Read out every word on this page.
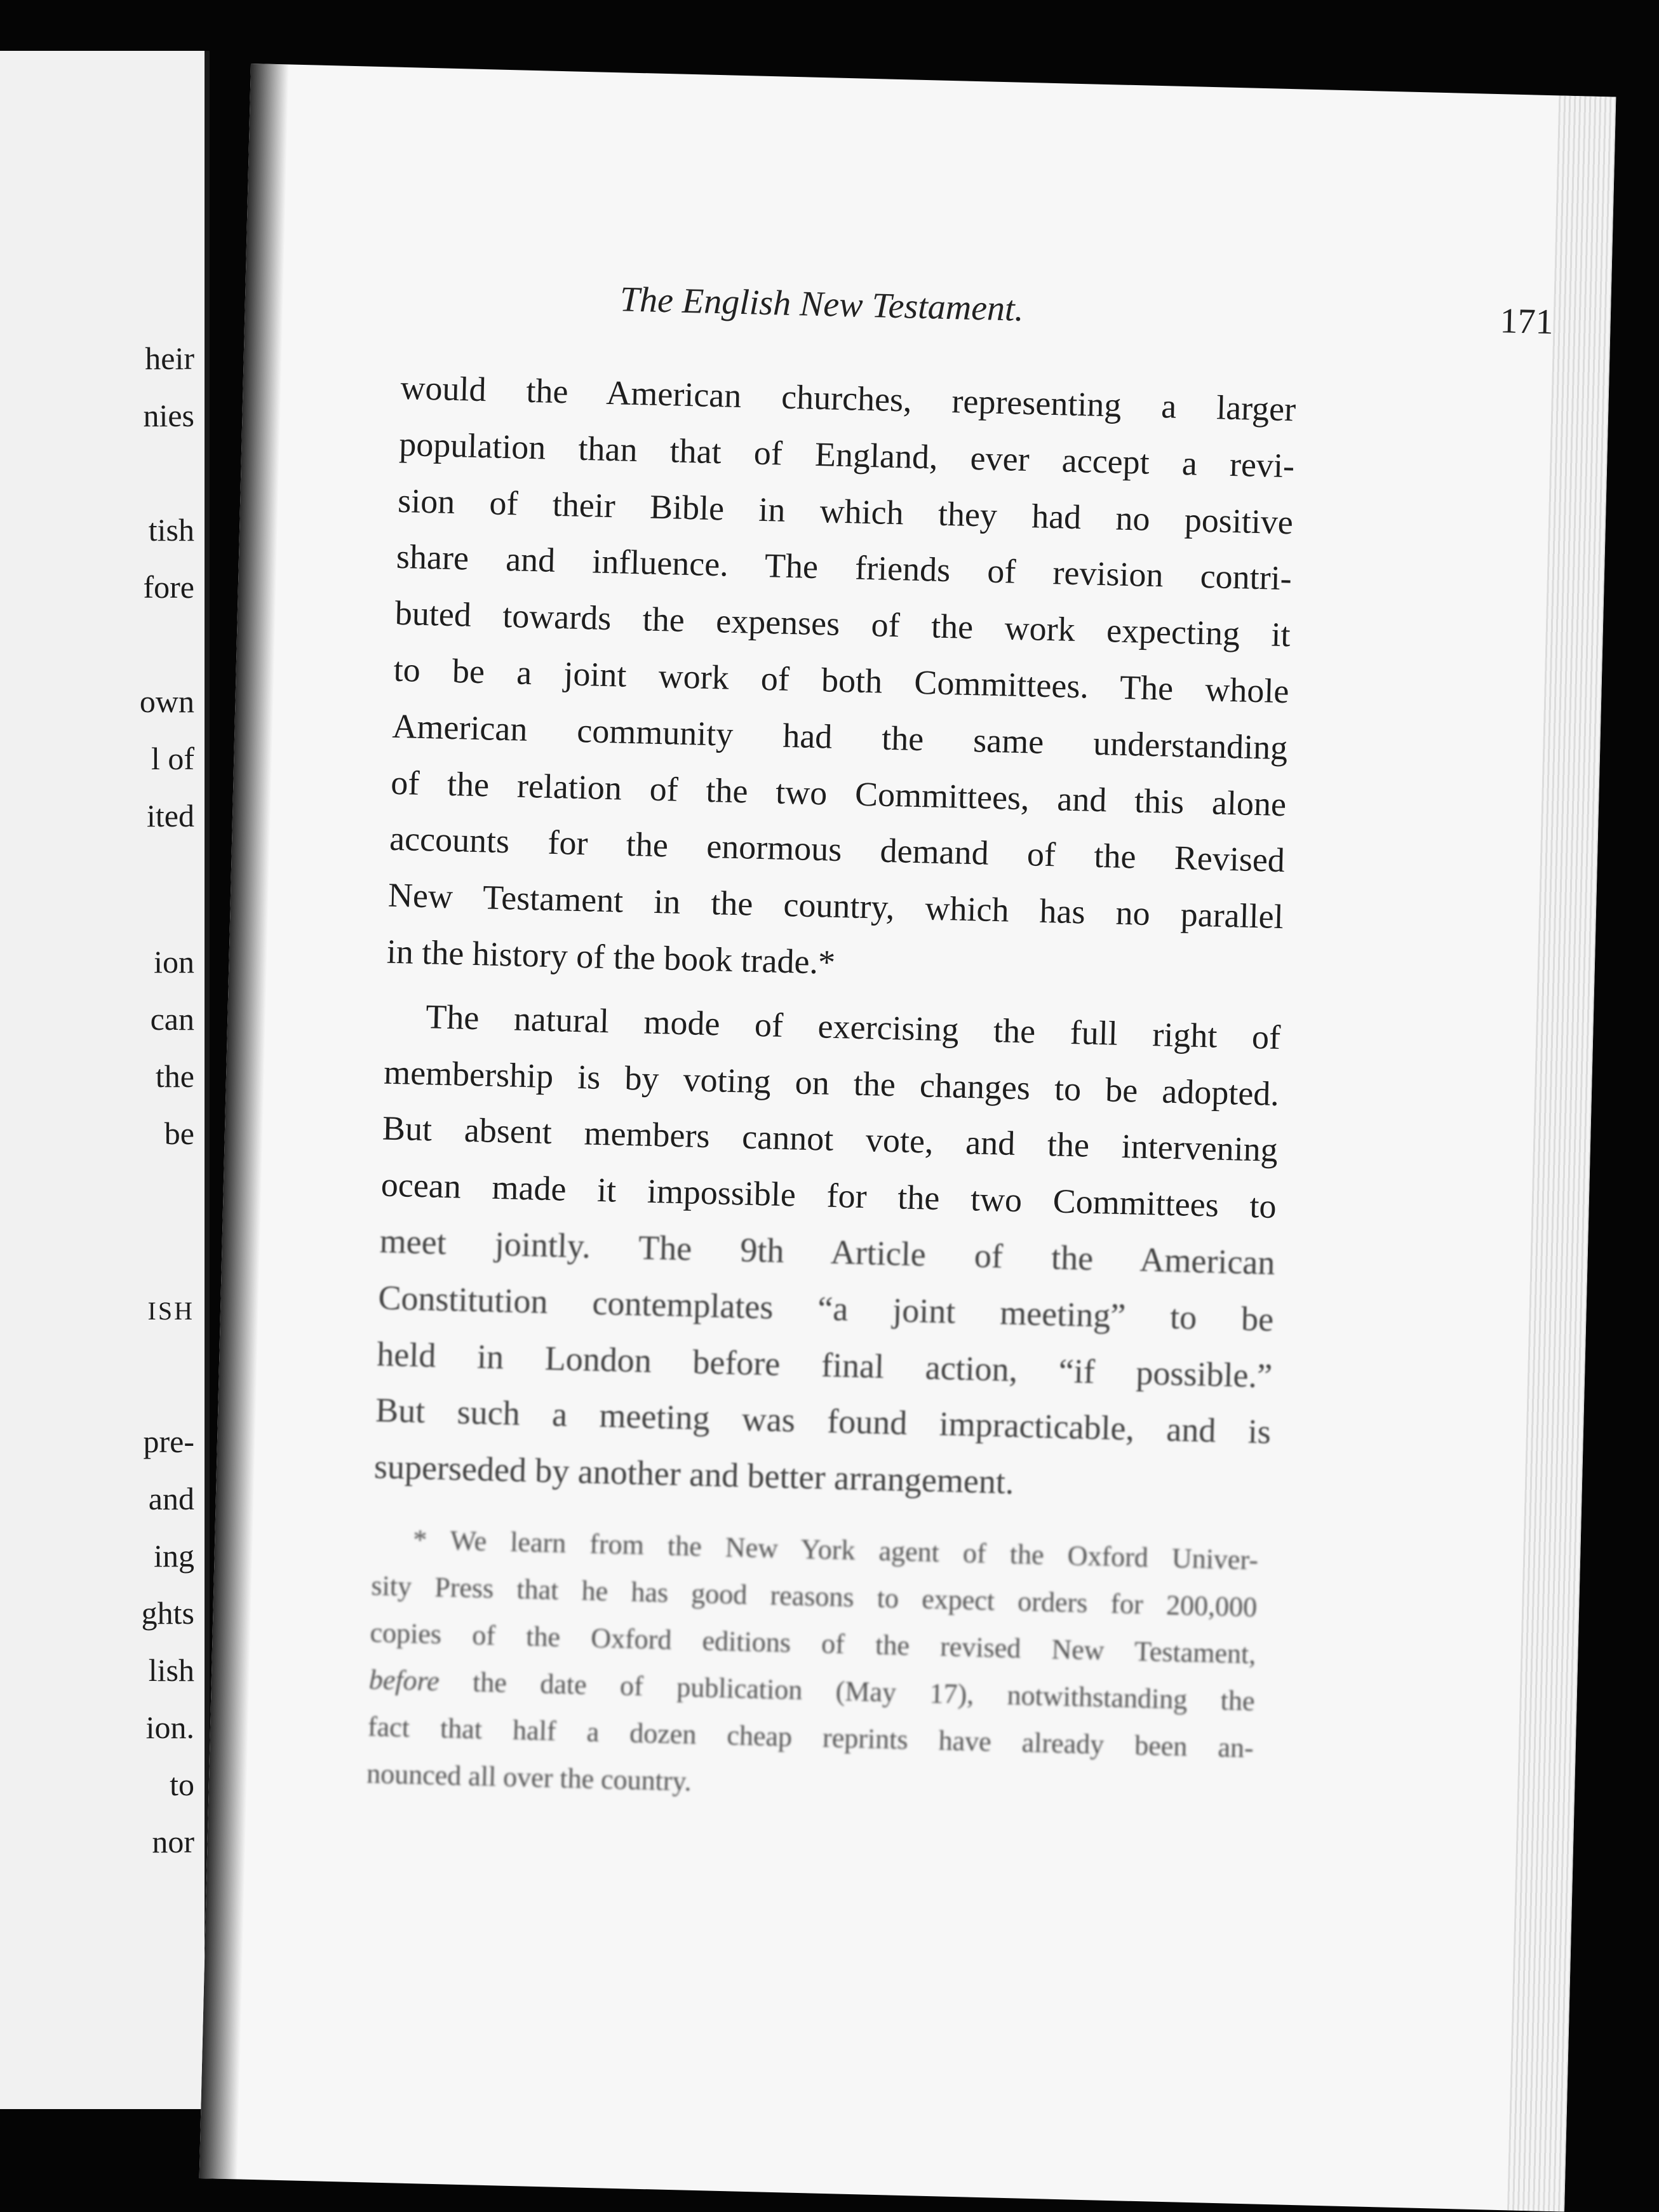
heir
nies
tish
fore
own
l of
ited
ion
can
the
be
ISH
pre-
and
ing
ghts
lish
ion.
to
nor
The English New Testament.	171
would the American churches, representing a larger
population than that of England, ever accept a revi-
sion of their Bible in which they had no positive
share and influence. The friends of revision contri-
buted towards the expenses of the work expecting it
to be a joint work of both Committees. The whole
American community had the same understanding
of the relation of the two Committees, and this alone
accounts for the enormous demand of the Revised
New Testament in the country, which has no parallel
in the history of the book trade.*
The natural mode of exercising the full right of
membership is by voting on the changes to be adopted.
But absent members cannot vote, and the intervening
ocean made it impossible for the two Committees to
meet jointly. The 9th Article of the American
Constitution contemplates “a joint meeting” to be
held in London before final action, “if possible.”
But such a meeting was found impracticable, and is
superseded by another and better arrangement.
* We learn from the New York agent of the Oxford Univer-
sity Press that he has good reasons to expect orders for 200,000
copies of the Oxford editions of the revised New Testament,
before the date of publication (May 17), notwithstanding the
fact that half a dozen cheap reprints have already been an-
nounced all over the country.
